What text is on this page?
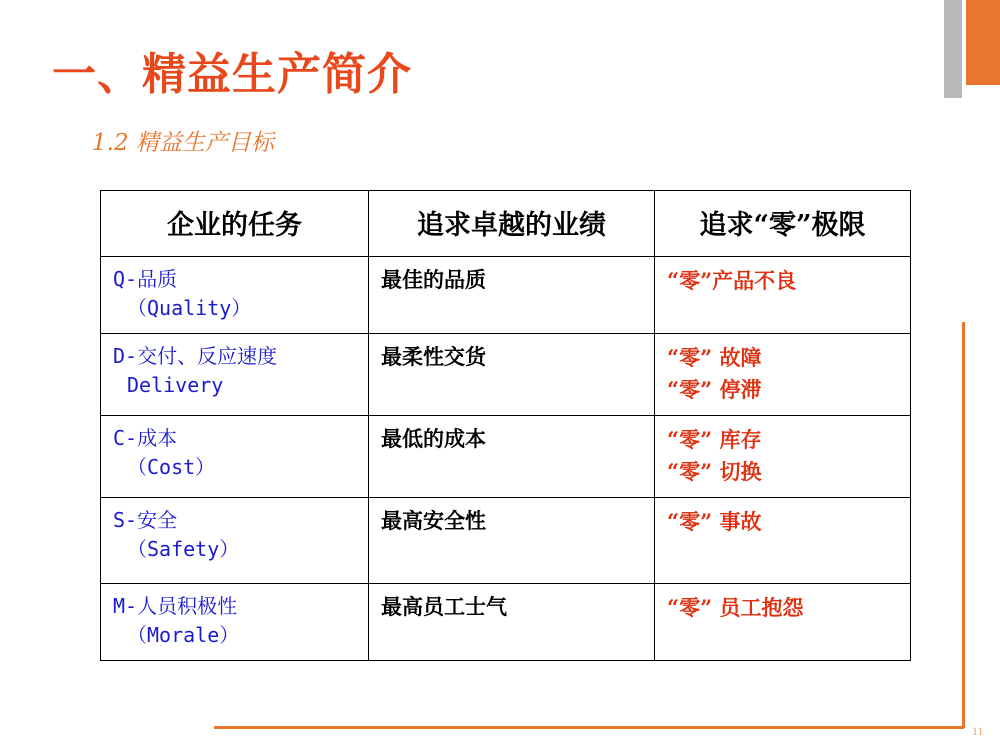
一、精益生产简介
1.2 精益生产目标
企业的任务	追求卓越的业绩	追求“零”极限

Q-品质
（Quality）	最佳的品质	“零”产品不良

D-交付、反应速度
Delivery
	最柔性交货	“零” 故障
“零” 停滞

C-成本
（Cost）
	最低的成本	“零” 库存
“零” 切换

S-安全
（Safety）	最高安全性	“零” 事故

M-人员积极性
（Morale）	最高员工士气	“零” 员工抱怨
11
